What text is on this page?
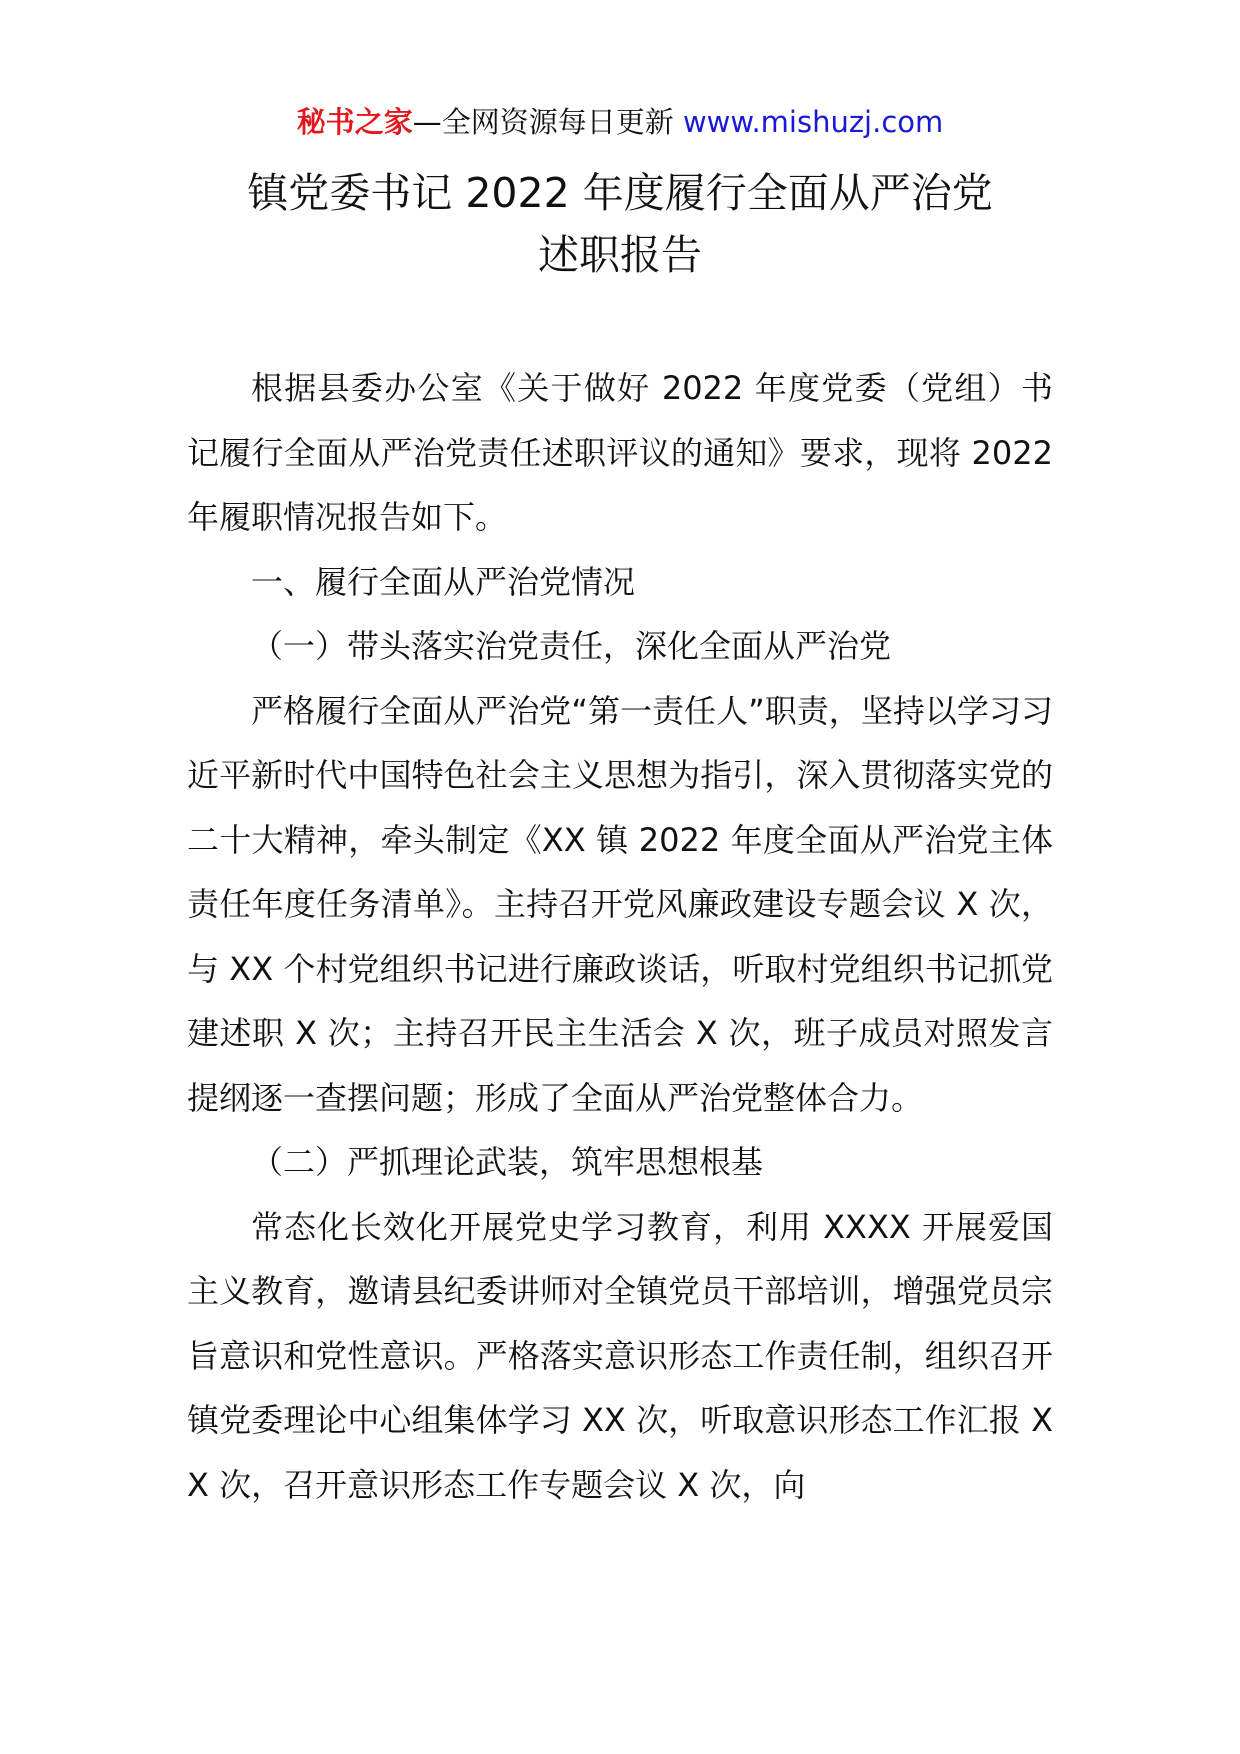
秘书之家—全网资源每日更新 www.mishuzj.com
镇党委书记 2022 年度履行全面从严治党
述职报告

根据县委办公室《关于做好 2022 年度党委（党组）书记履行全面从严治党责任述职评议的通知》要求，现将 2022 年履职情况报告如下。

一、履行全面从严治党情况

（一）带头落实治党责任，深化全面从严治党

严格履行全面从严治党“第一责任人”职责，坚持以学习习近平新时代中国特色社会主义思想为指引，深入贯彻落实党的二十大精神，牵头制定《XX 镇 2022 年度全面从严治党主体责任年度任务清单》。主持召开党风廉政建设专题会议 X 次，与 XX 个村党组织书记进行廉政谈话，听取村党组织书记抓党建述职 X 次；主持召开民主生活会 X 次，班子成员对照发言提纲逐一查摆问题；形成了全面从严治党整体合力。

（二）严抓理论武装，筑牢思想根基

常态化长效化开展党史学习教育，利用 XXXX 开展爱国主义教育，邀请县纪委讲师对全镇党员干部培训，增强党员宗旨意识和党性意识。严格落实意识形态工作责任制，组织召开镇党委理论中心组集体学习 XX 次，听取意识形态工作汇报 XX 次，召开意识形态工作专题会议 X 次，向
